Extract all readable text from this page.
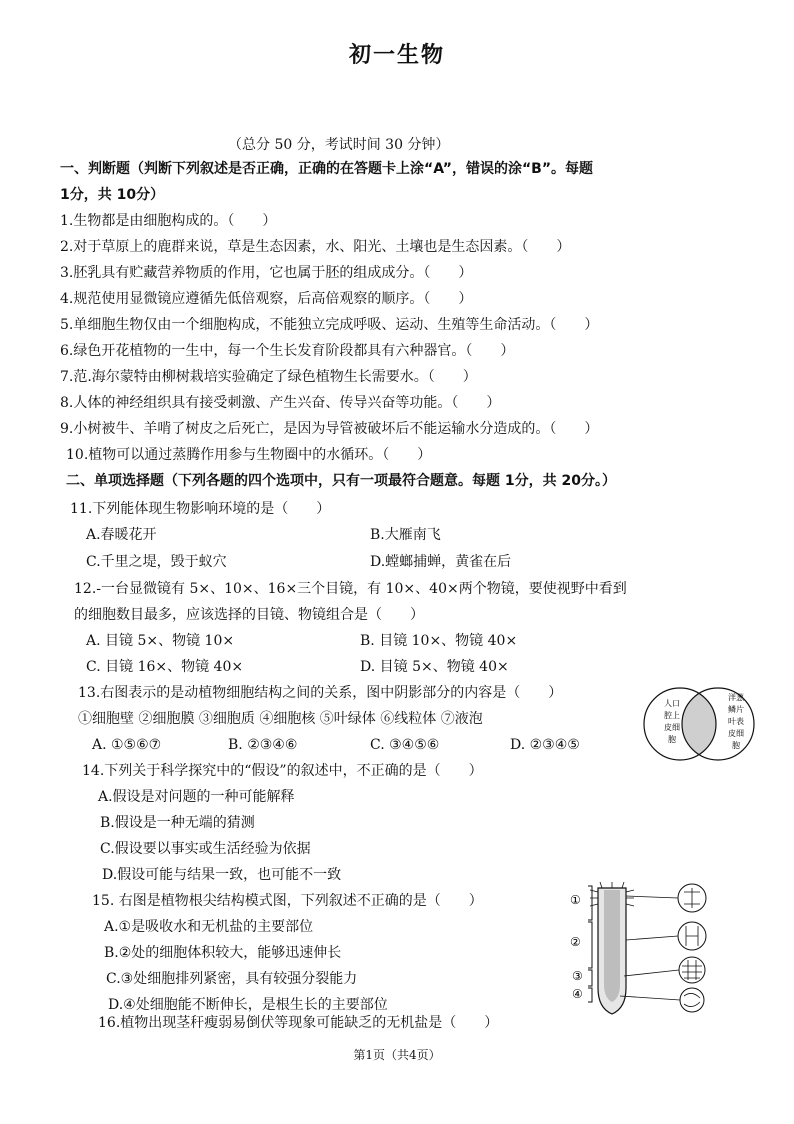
初一生物
（总分 50 分，考试时间 30 分钟）
一、判断题（判断下列叙述是否正确，正确的在答题卡上涂“A”，错误的涂“B”。每题
1分，共 10分）
1.生物都是由细胞构成的。（　　）
2.对于草原上的鹿群来说，草是生态因素，水、阳光、土壤也是生态因素。（　　）
3.胚乳具有贮藏营养物质的作用，它也属于胚的组成成分。（　　）
4.规范使用显微镜应遵循先低倍观察，后高倍观察的顺序。（　　）
5.单细胞生物仅由一个细胞构成，不能独立完成呼吸、运动、生殖等生命活动。（　　）
6.绿色开花植物的一生中，每一个生长发育阶段都具有六种器官。（　　）
7.范.海尔蒙特由柳树栽培实验确定了绿色植物生长需要水。（　　）
8.人体的神经组织具有接受刺激、产生兴奋、传导兴奋等功能。（　　）
9.小树被牛、羊啃了树皮之后死亡，是因为导管被破坏后不能运输水分造成的。（　　）
10.植物可以通过蒸腾作用参与生物圈中的水循环。（　　）
二、单项选择题（下列各题的四个选项中，只有一项最符合题意。每题 1分，共 20分。）
11.下列能体现生物影响环境的是（　　）
A.春暖花开	B.大雁南飞
C.千里之堤，毁于蚁穴	D.螳螂捕蝉，黄雀在后
12.-一台显微镜有 5×、10×、16×三个目镜，有 10×、40×两个物镜，要使视野中看到
的细胞数目最多，应该选择的目镜、物镜组合是（　　）
A. 目镜 5×、物镜 10×	B. 目镜 10×、物镜 40×
C. 目镜 16×、物镜 40×	D. 目镜 5×、物镜 40×
13.右图表示的是动植物细胞结构之间的关系，图中阴影部分的内容是（　　）
①细胞壁 ②细胞膜 ③细胞质 ④细胞核 ⑤叶绿体 ⑥线粒体 ⑦液泡
A. ①⑤⑥⑦	B. ②③④⑥	C. ③④⑤⑥	D. ②③④⑤
人口
腔上
皮细
胞
洋葱
鳞片
叶表
皮细
胞
14.下列关于科学探究中的“假设”的叙述中，不正确的是（　　）
A.假设是对问题的一种可能解释
B.假设是一种无端的猜测
C.假设要以事实或生活经验为依据
D.假设可能与结果一致，也可能不一致
15. 右图是植物根尖结构模式图，下列叙述不正确的是（　　）
A.①是吸收水和无机盐的主要部位
B.②处的细胞体积较大，能够迅速伸长
C.③处细胞排列紧密，具有较强分裂能力
D.④处细胞能不断伸长，是根生长的主要部位
①
②
③
④
16.植物出现茎秆瘦弱易倒伏等现象可能缺乏的无机盐是（　　）
第1页（共4页）
